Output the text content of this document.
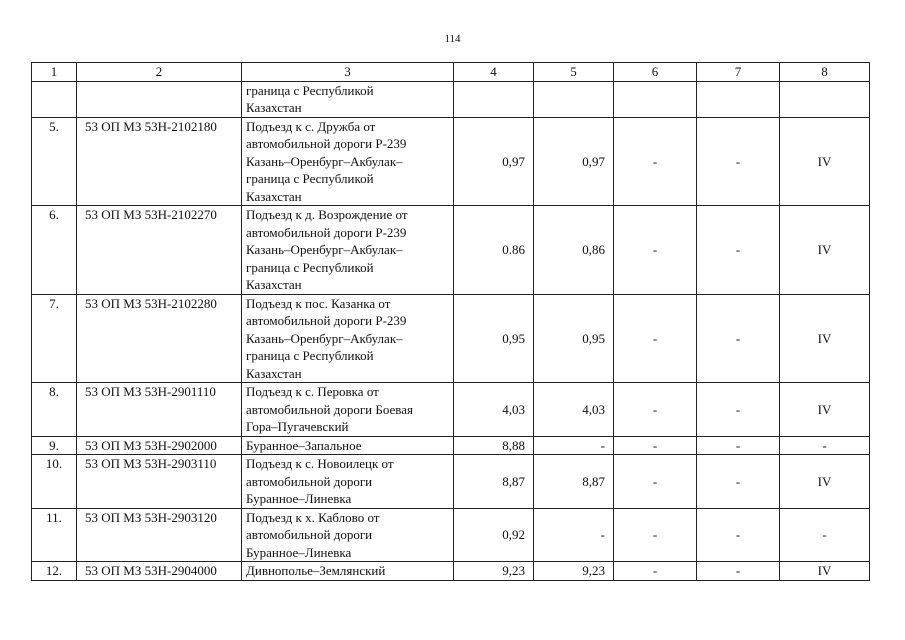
114
1	2	3	4	5	6	7	8
		граница с Республикой
Казахстан					
5.	53 ОП МЗ 53Н-2102180	Подъезд к с. Дружба от
автомобильной дороги Р-239
Казань–Оренбург–Акбулак–
граница с Республикой
Казахстан	0,97	0,97	-	-	IV
6.	53 ОП МЗ 53Н-2102270	Подъезд к д. Возрождение от
автомобильной дороги Р-239
Казань–Оренбург–Акбулак–
граница с Республикой
Казахстан	0.86	0,86	-	-	IV
7.	53 ОП МЗ 53Н-2102280	Подъезд к пос. Казанка от
автомобильной дороги Р-239
Казань–Оренбург–Акбулак–
граница с Республикой
Казахстан	0,95	0,95	-	-	IV
8.	53 ОП МЗ 53Н-2901110	Подъезд к с. Перовка от
автомобильной дороги Боевая
Гора–Пугачевский	4,03	4,03	-	-	IV
9.	53 ОП МЗ 53Н-2902000	Буранное–Запальное	8,88	-	-	-	-
10.	53 ОП МЗ 53Н-2903110	Подъезд к с. Новоилецк от
автомобильной дороги
Буранное–Линевка	8,87	8,87	-	-	IV
11.	53 ОП МЗ 53Н-2903120	Подъезд к х. Каблово от
автомобильной дороги
Буранное–Линевка	0,92	-	-	-	-
12.	53 ОП МЗ 53Н-2904000	Дивнополье–Землянский	9,23	9,23	-	-	IV
